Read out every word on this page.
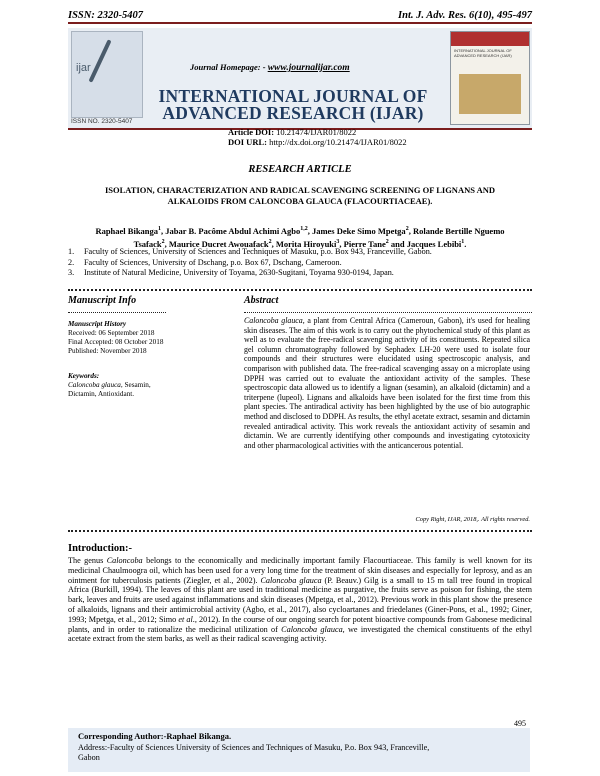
ISSN: 2320-5407	Int. J. Adv. Res. 6(10), 495-497
ijar
ISSN NO. 2320-5407
Journal Homepage: - www.journalijar.com
INTERNATIONAL JOURNAL OF ADVANCED RESEARCH (IJAR)
Article DOI: 10.21474/IJAR01/8022
DOI URL: http://dx.doi.org/10.21474/IJAR01/8022
INTERNATIONAL JOURNAL OF ADVANCED RESEARCH (IJAR)
RESEARCH ARTICLE
ISOLATION, CHARACTERIZATION AND RADICAL SCAVENGING SCREENING OF LIGNANS AND ALKALOIDS FROM CALONCOBA GLAUCA (FLACOURTIACEAE).
Raphael Bikanga$^1$, Jabar B. Pacôme Abdul Achimi Agbo$^{1,2}$, James Deke Simo Mpetga$^2$, Rolande Bertille Nguemo Tsafack$^2$, Maurice Ducret Awouafack$^2$, Morita Hiroyuki$^3$, Pierre Tane$^2$ and Jacques Lebibi$^1$.
1. Faculty of Sciences, University of Sciences and Techniques of Masuku, p.o. Box 943, Franceville, Gabon.
2. Faculty of Sciences, University of Dschang, p.o. Box 67, Dschang, Cameroon.
3. Institute of Natural Medicine, University of Toyama, 2630-Sugitani, Toyama 930-0194, Japan.
Manuscript Info
Manuscript History
Received: 06 September 2018
Final Accepted: 08 October 2018
Published: November 2018
Keywords:
Caloncoba glauca, Sesamin, Dictamin, Antioxidant.
Abstract
Caloncoba glauca, a plant from Central Africa (Cameroun, Gabon), it's used for healing skin diseases. The aim of this work is to carry out the phytochemical study of this plant as well as to evaluate the free-radical scavenging activity of its constituents. Repeated silica gel column chromatography followed by Sephadex LH-20 were used to isolate four compounds and their structures were elucidated using spectroscopic analysis, and comparison with published data. The free-radical scavenging assay on a microplate using DPPH was carried out to evaluate the antioxidant activity of the samples. These spectroscopic data allowed us to identify a lignan (sesamin), an alkaloid (dictamin) and a triterpene (lupeol). Lignans and alkaloids have been isolated for the first time from this plant species. The antiradical activity has been highlighted by the use of bio autographic method and disclosed to DDPH. As results, the ethyl acetate extract, sesamin and dictamin revealed antiradical activity. This work reveals the antioxidant activity of sesamin and dictamin. We are currently identifying other compounds and investigating cytotoxicity and other pharmacological activities with the anticancerous potential.
Copy Right, IJAR, 2018,. All rights reserved.
Introduction:-
The genus Caloncoba belongs to the economically and medicinally important family Flacourtiaceae. This family is well known for its medicinal Chaulmoogra oil, which has been used for a very long time for the treatment of skin diseases and especially for leprosy, and as an ointment for tuberculosis patients (Ziegler, et al., 2002). Caloncoba glauca (P. Beauv.) Gilg is a small to 15 m tall tree found in tropical Africa (Burkill, 1994). The leaves of this plant are used in traditional medicine as purgative, the fruits serve as poison for fishing, the stem bark, leaves and fruits are used against inflammations and skin diseases (Mpetga, et al., 2012). Previous work in this plant show the presence of alkaloids, lignans and their antimicrobial activity (Agbo, et al., 2017), also cycloartanes and friedelanes (Giner-Pons, et al., 1992; Giner, 1993; Mpetga, et al., 2012; Simo et al., 2012). In the course of our ongoing search for potent bioactive compounds from Gabonese medicinal plants, and in order to rationalize the medicinal utilization of Caloncoba glauca, we investigated the chemical constituents of the ethyl acetate extract from the stem barks, as well as their radical scavenging activity.
495
Corresponding Author:-Raphael Bikanga.
Address:-Faculty of Sciences University of Sciences and Techniques of Masuku, P.o. Box 943, Franceville, Gabon
